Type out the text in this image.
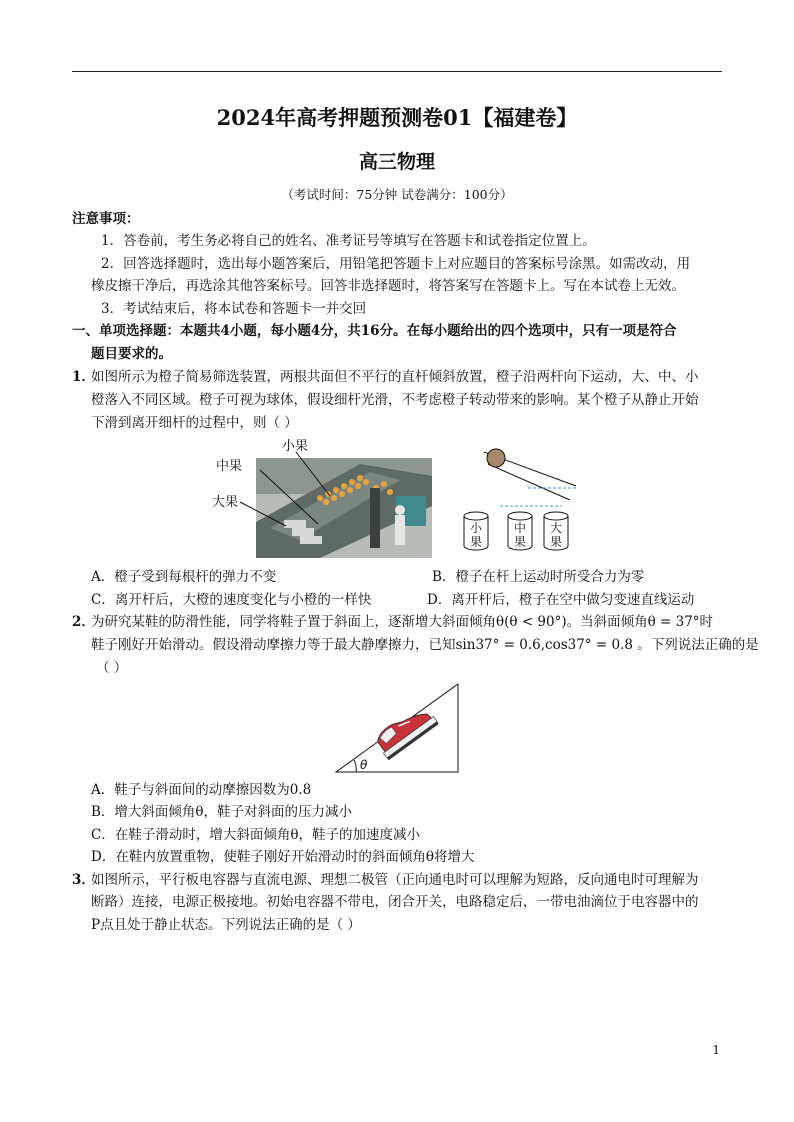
2024年高考押题预测卷01【福建卷】
高三物理
（考试时间：75分钟 试卷满分：100分）
注意事项：
1．答卷前，考生务必将自己的姓名、准考证号等填写在答题卡和试卷指定位置上。
2．回答选择题时，选出每小题答案后，用铅笔把答题卡上对应题目的答案标号涂黑。如需改动，用
橡皮擦干净后，再选涂其他答案标号。回答非选择题时，将答案写在答题卡上。写在本试卷上无效。
3．考试结束后，将本试卷和答题卡一并交回
一、单项选择题：本题共4小题，每小题4分，共16分。在每小题给出的四个选项中，只有一项是符合
题目要求的。
1．
如图所示为橙子简易筛选装置，两根共面但不平行的直杆倾斜放置，橙子沿两杆向下运动，大、中、小
橙落入不同区域。橙子可视为球体，假设细杆光滑，不考虑橙子转动带来的影响。某个橙子从静止开始
下滑到离开细杆的过程中，则（ ）
小果
中果
大果
小 果
中 果
大 果
A．橙子受到每根杆的弹力不变	B．橙子在杆上运动时所受合力为零
C．离开杆后，大橙的速度变化与小橙的一样快	D．离开杆后，橙子在空中做匀变速直线运动
2．
为研究某鞋的防滑性能，同学将鞋子置于斜面上，逐渐增大斜面倾角θ(θ < 90°)。当斜面倾角θ = 37°时
鞋子刚好开始滑动。假设滑动摩擦力等于最大静摩擦力，已知sin37° = 0.6,cos37° = 0.8 。下列说法正确的是
（ ）
θ
A．鞋子与斜面间的动摩擦因数为0.8
B．增大斜面倾角θ，鞋子对斜面的压力减小
C．在鞋子滑动时，增大斜面倾角θ，鞋子的加速度减小
D．在鞋内放置重物，使鞋子刚好开始滑动时的斜面倾角θ将增大
3．
如图所示，平行板电容器与直流电源、理想二极管（正向通电时可以理解为短路，反向通电时可理解为
断路）连接，电源正极接地。初始电容器不带电，闭合开关，电路稳定后，一带电油滴位于电容器中的
P点且处于静止状态。下列说法正确的是（ ）
1
